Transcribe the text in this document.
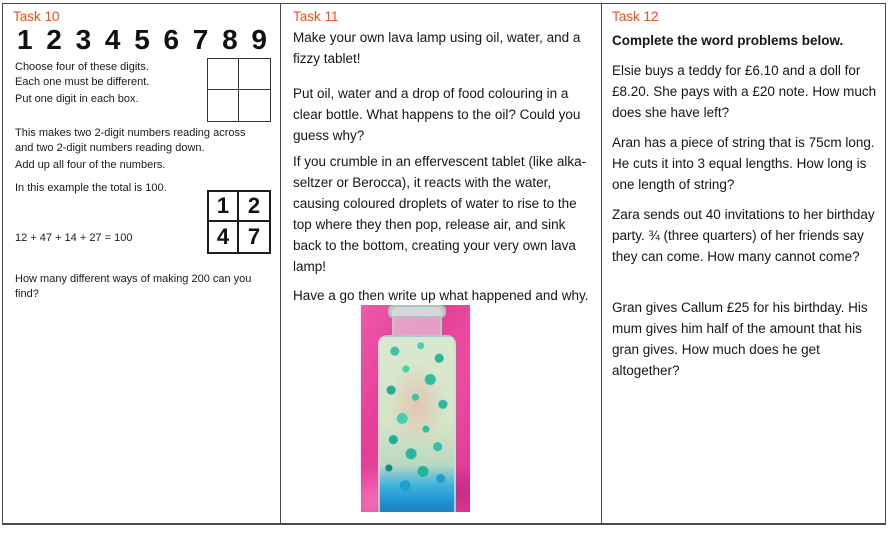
Task 10
1 2 3 4 5 6 7 8 9
Choose four of these digits.
Each one must be different.
Put one digit in each box.
This makes two 2-digit numbers reading across
and two 2-digit numbers reading down.
Add up all four of the numbers.
In this example the total is 100.
1 2
4 7
12 + 47 + 14 + 27 = 100
How many different ways of making 200 can you find?
Task 11
Make your own lava lamp using oil, water, and a fizzy tablet!
Put oil, water and a drop of food colouring in a clear bottle. What happens to the oil? Could you guess why?
If you crumble in an effervescent tablet (like alka-seltzer or Berocca), it reacts with the water, causing coloured droplets of water to rise to the top where they then pop, release air, and sink back to the bottom, creating your very own lava lamp!
Have a go then write up what happened and why.
Task 12
Complete the word problems below.
Elsie buys a teddy for £6.10 and a doll for £8.20. She pays with a £20 note. How much does she have left?
Aran has a piece of string that is 75cm long. He cuts it into 3 equal lengths. How long is one length of string?
Zara sends out 40 invitations to her birthday party. ¾ (three quarters) of her friends say they can come. How many cannot come?
Gran gives Callum £25 for his birthday. His mum gives him half of the amount that his gran gives. How much does he get altogether?
